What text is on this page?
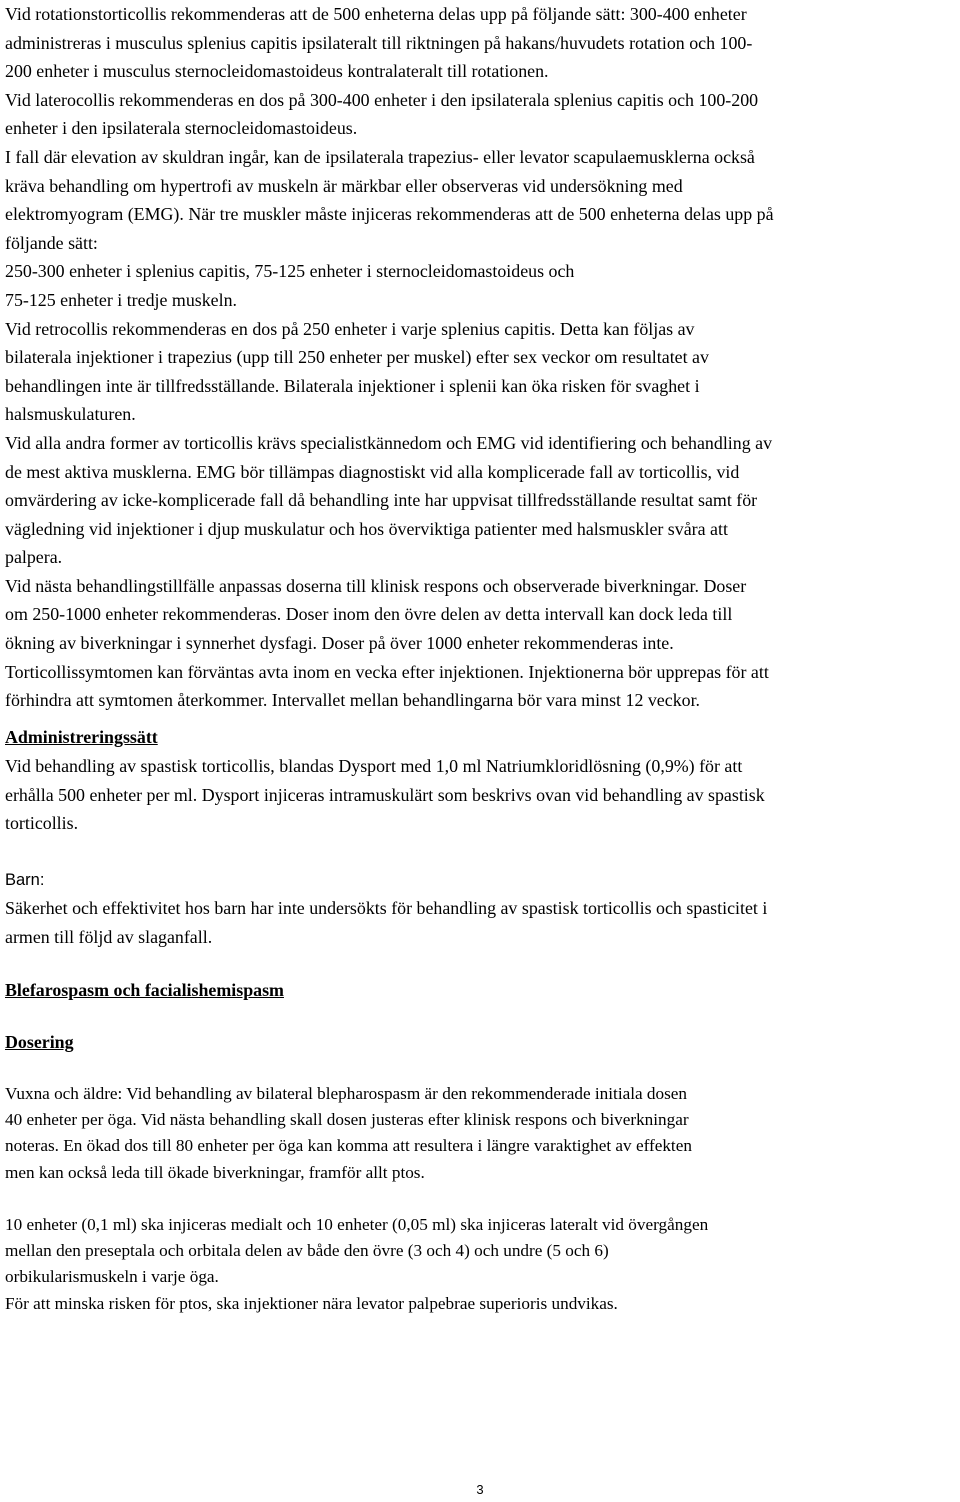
Vid rotationstorticollis rekommenderas att de 500 enheterna delas upp på följande sätt: 300-400 enheter
administreras i musculus splenius capitis ipsilateralt till riktningen på hakans/huvudets rotation och 100-
200 enheter i musculus sternocleidomastoideus kontralateralt till rotationen.
Vid laterocollis rekommenderas en dos på 300-400 enheter i den ipsilaterala splenius capitis och 100-200
enheter i den ipsilaterala sternocleidomastoideus.
I fall där elevation av skuldran ingår, kan de ipsilaterala trapezius- eller levator scapulaemusklerna också
kräva behandling om hypertrofi av muskeln är märkbar eller observeras vid undersökning med
elektromyogram (EMG). När tre muskler måste injiceras rekommenderas att de 500 enheterna delas upp på
följande sätt:
250-300 enheter i splenius capitis, 75-125 enheter i sternocleidomastoideus och
75-125 enheter i tredje muskeln.
Vid retrocollis rekommenderas en dos på 250 enheter i varje splenius capitis. Detta kan följas av
bilaterala injektioner i trapezius (upp till 250 enheter per muskel) efter sex veckor om resultatet av
behandlingen inte är tillfredsställande. Bilaterala injektioner i splenii kan öka risken för svaghet i
halsmuskulaturen.
Vid alla andra former av torticollis krävs specialistkännedom och EMG vid identifiering och behandling av
de mest aktiva musklerna. EMG bör tillämpas diagnostiskt vid alla komplicerade fall av torticollis, vid
omvärdering av icke-komplicerade fall då behandling inte har uppvisat tillfredsställande resultat samt för
vägledning vid injektioner i djup muskulatur och hos överviktiga patienter med halsmuskler svåra att
palpera.
Vid nästa behandlingstillfälle anpassas doserna till klinisk respons och observerade biverkningar. Doser
om 250-1000 enheter rekommenderas. Doser inom den övre delen av detta intervall kan dock leda till
ökning av biverkningar i synnerhet dysfagi. Doser på över 1000 enheter rekommenderas inte.
Torticollissymtomen kan förväntas avta inom en vecka efter injektionen. Injektionerna bör upprepas för att
förhindra att symtomen återkommer. Intervallet mellan behandlingarna bör vara minst 12 veckor.
Administreringssätt
Vid behandling av spastisk torticollis, blandas Dysport med 1,0 ml Natriumkloridlösning (0,9%) för att
erhålla 500 enheter per ml. Dysport injiceras intramuskulärt som beskrivs ovan vid behandling av spastisk
torticollis.
Barn:
Säkerhet och effektivitet hos barn har inte undersökts för behandling av spastisk torticollis och spasticitet i
armen till följd av slaganfall.
Blefarospasm och facialishemispasm
Dosering
Vuxna och äldre: Vid behandling av bilateral blepharospasm är den rekommenderade initiala dosen
40 enheter per öga. Vid nästa behandling skall dosen justeras efter klinisk respons och biverkningar
noteras. En ökad dos till 80 enheter per öga kan komma att resultera i längre varaktighet av effekten
men kan också leda till ökade biverkningar, framför allt ptos.
10 enheter (0,1 ml) ska injiceras medialt och 10 enheter (0,05 ml) ska injiceras lateralt vid övergången
mellan den preseptala och orbitala delen av både den övre (3 och 4) och undre (5 och 6)
orbikularismuskeln i varje öga.
För att minska risken för ptos, ska injektioner nära levator palpebrae superioris undvikas.
3
